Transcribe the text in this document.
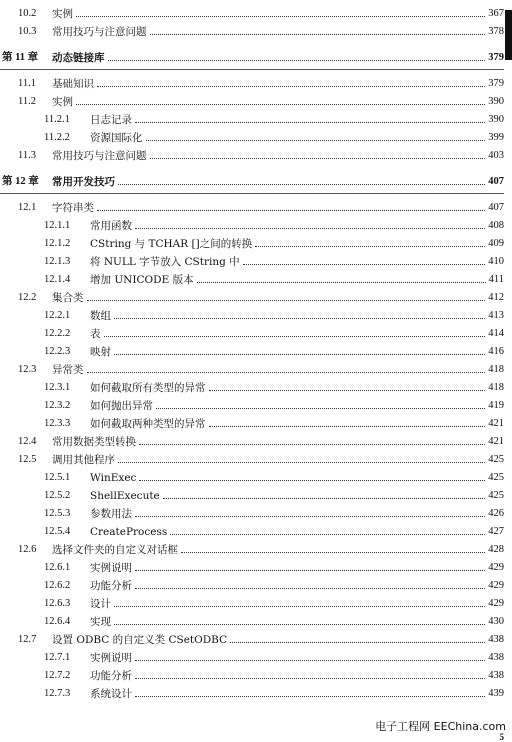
10.2	实例	367
10.3	常用技巧与注意问题	378
第 11 章	动态链接库	379
11.1	基础知识	379
11.2	实例	390
11.2.1	日志记录	390
11.2.2	资源国际化	399
11.3	常用技巧与注意问题	403
第 12 章	常用开发技巧	407
12.1	字符串类	407
12.1.1	常用函数	408
12.1.2	CString 与 TCHAR []之间的转换	409
12.1.3	将 NULL 字节放入 CString 中	410
12.1.4	增加 UNICODE 版本	411
12.2	集合类	412
12.2.1	数组	413
12.2.2	表	414
12.2.3	映射	416
12.3	异常类	418
12.3.1	如何截取所有类型的异常	418
12.3.2	如何抛出异常	419
12.3.3	如何截取两种类型的异常	421
12.4	常用数据类型转换	421
12.5	调用其他程序	425
12.5.1	WinExec	425
12.5.2	ShellExecute	425
12.5.3	参数用法	426
12.5.4	CreateProcess	427
12.6	选择文件夹的自定义对话框	428
12.6.1	实例说明	429
12.6.2	功能分析	429
12.6.3	设计	429
12.6.4	实现	430
12.7	设置 ODBC 的自定义类 CSetODBC	438
12.7.1	实例说明	438
12.7.2	功能分析	438
12.7.3	系统设计	439
电子工程网 EEChina.com
5
